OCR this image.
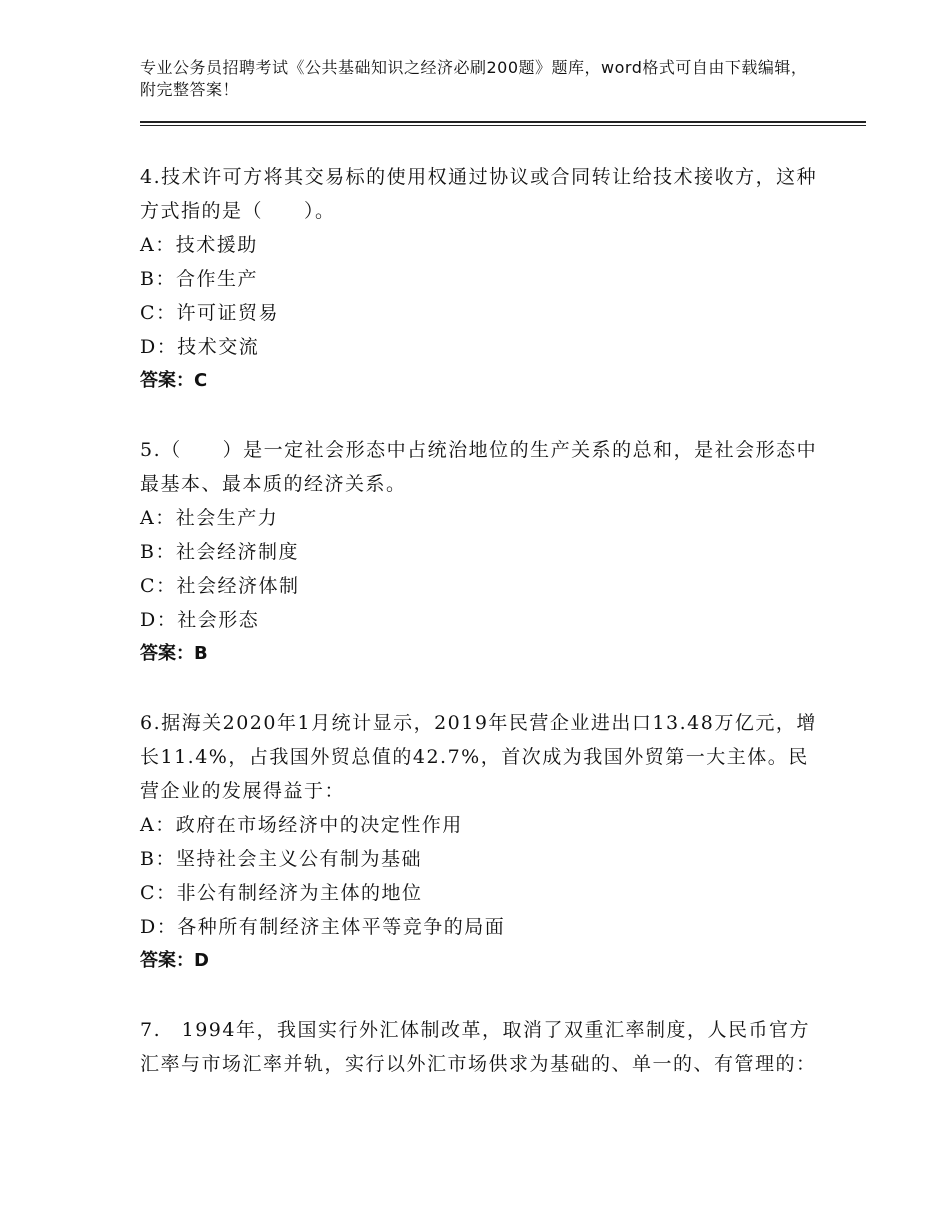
专业公务员招聘考试《公共基础知识之经济必刷200题》题库，word格式可自由下载编辑，附完整答案！
4.技术许可方将其交易标的使用权通过协议或合同转让给技术接收方，这种方式指的是（　　）。
A：技术援助
B：合作生产
C：许可证贸易
D：技术交流
答案：C
5.（　　）是一定社会形态中占统治地位的生产关系的总和，是社会形态中最基本、最本质的经济关系。
A：社会生产力
B：社会经济制度
C：社会经济体制
D：社会形态
答案：B
6.据海关2020年1月统计显示，2019年民营企业进出口13.48万亿元，增长11.4%，占我国外贸总值的42.7%，首次成为我国外贸第一大主体。民营企业的发展得益于：
A：政府在市场经济中的决定性作用
B：坚持社会主义公有制为基础
C：非公有制经济为主体的地位
D：各种所有制经济主体平等竞争的局面
答案：D
7.　1994年，我国实行外汇体制改革，取消了双重汇率制度，人民币官方汇率与市场汇率并轨，实行以外汇市场供求为基础的、单一的、有管理的：
